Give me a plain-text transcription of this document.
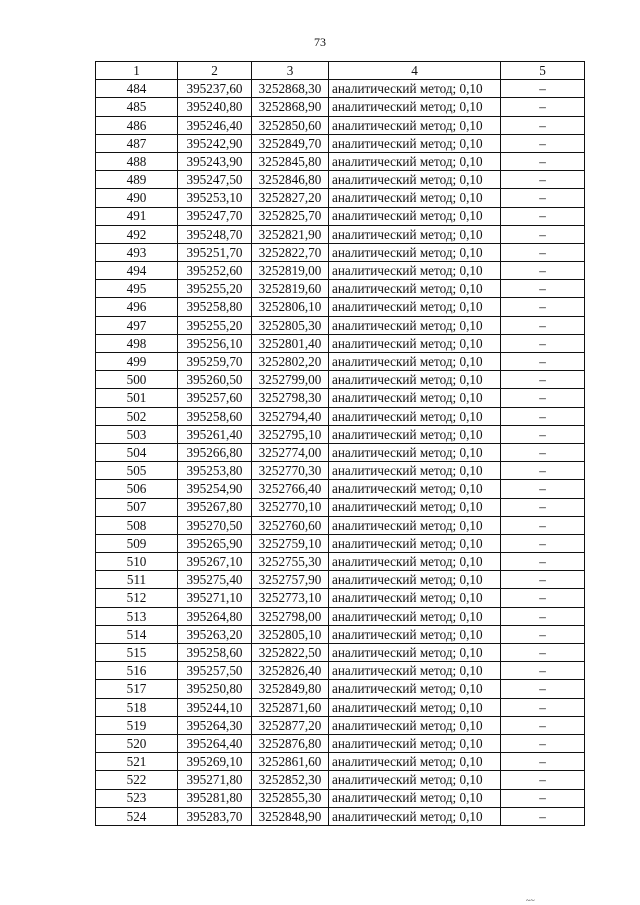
73
1	2	3	4	5
484	395237,60	3252868,30	аналитический метод; 0,10	–
485	395240,80	3252868,90	аналитический метод; 0,10	–
486	395246,40	3252850,60	аналитический метод; 0,10	–
487	395242,90	3252849,70	аналитический метод; 0,10	–
488	395243,90	3252845,80	аналитический метод; 0,10	–
489	395247,50	3252846,80	аналитический метод; 0,10	–
490	395253,10	3252827,20	аналитический метод; 0,10	–
491	395247,70	3252825,70	аналитический метод; 0,10	–
492	395248,70	3252821,90	аналитический метод; 0,10	–
493	395251,70	3252822,70	аналитический метод; 0,10	–
494	395252,60	3252819,00	аналитический метод; 0,10	–
495	395255,20	3252819,60	аналитический метод; 0,10	–
496	395258,80	3252806,10	аналитический метод; 0,10	–
497	395255,20	3252805,30	аналитический метод; 0,10	–
498	395256,10	3252801,40	аналитический метод; 0,10	–
499	395259,70	3252802,20	аналитический метод; 0,10	–
500	395260,50	3252799,00	аналитический метод; 0,10	–
501	395257,60	3252798,30	аналитический метод; 0,10	–
502	395258,60	3252794,40	аналитический метод; 0,10	–
503	395261,40	3252795,10	аналитический метод; 0,10	–
504	395266,80	3252774,00	аналитический метод; 0,10	–
505	395253,80	3252770,30	аналитический метод; 0,10	–
506	395254,90	3252766,40	аналитический метод; 0,10	–
507	395267,80	3252770,10	аналитический метод; 0,10	–
508	395270,50	3252760,60	аналитический метод; 0,10	–
509	395265,90	3252759,10	аналитический метод; 0,10	–
510	395267,10	3252755,30	аналитический метод; 0,10	–
511	395275,40	3252757,90	аналитический метод; 0,10	–
512	395271,10	3252773,10	аналитический метод; 0,10	–
513	395264,80	3252798,00	аналитический метод; 0,10	–
514	395263,20	3252805,10	аналитический метод; 0,10	–
515	395258,60	3252822,50	аналитический метод; 0,10	–
516	395257,50	3252826,40	аналитический метод; 0,10	–
517	395250,80	3252849,80	аналитический метод; 0,10	–
518	395244,10	3252871,60	аналитический метод; 0,10	–
519	395264,30	3252877,20	аналитический метод; 0,10	–
520	395264,40	3252876,80	аналитический метод; 0,10	–
521	395269,10	3252861,60	аналитический метод; 0,10	–
522	395271,80	3252852,30	аналитический метод; 0,10	–
523	395281,80	3252855,30	аналитический метод; 0,10	–
524	395283,70	3252848,90	аналитический метод; 0,10	–
~~
